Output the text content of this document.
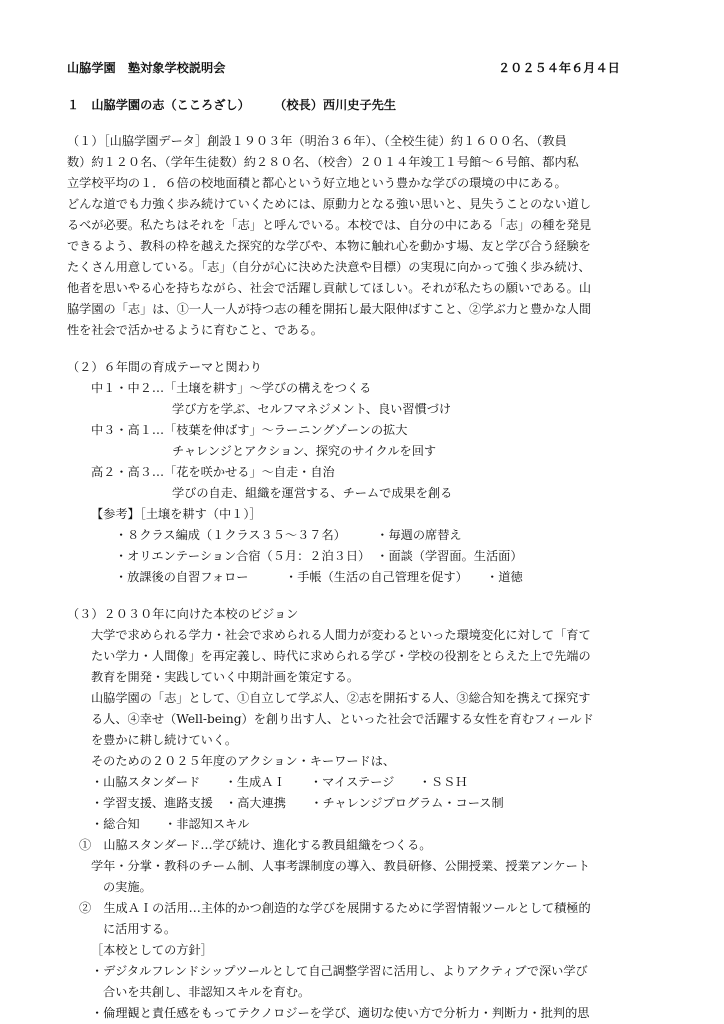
山脇学園　塾対象学校説明会	２０２５４年６月４日
１　山脇学園の志（こころざし）　　　（校長）西川史子先生
（１）［山脇学園データ］創設１９０３年（明治３６年）、（全校生徒）約１６００名、（教員
数）約１２０名、（学年生徒数）約２８０名、（校舎）２０１４年竣工１号館～６号館、都内私
立学校平均の１．６倍の校地面積と都心という好立地という豊かな学びの環境の中にある。
どんな道でも力強く歩み続けていくためには、原動力となる強い思いと、見失うことのない道し
るべが必要。私たちはそれを「志」と呼んでいる。本校では、自分の中にある「志」の種を発見
できるよう、教科の枠を越えた探究的な学びや、本物に触れ心を動かす場、友と学び合う経験を
たくさん用意している。「志」（自分が心に決めた決意や目標）の実現に向かって強く歩み続け、
他者を思いやる心を持ちながら、社会で活躍し貢献してほしい。それが私たちの願いである。山
脇学園の「志」は、①一人一人が持つ志の種を開拓し最大限伸ばすこと、②学ぶ力と豊かな人間
性を社会で活かせるように育むこと、である。
（２）６年間の育成テーマと関わり
中１・中２…「土壌を耕す」～学びの構えをつくる
学び方を学ぶ、セルフマネジメント、良い習慣づけ
中３・高１…「枝葉を伸ばす」～ラーニングゾーンの拡大
チャレンジとアクション、探究のサイクルを回す
高２・高３…「花を咲かせる」～自走・自治
学びの自走、組織を運営する、チームで成果を創る
【参考】［土壌を耕す（中１）］
・８クラス編成（１クラス３５～３７名）　　　・毎週の席替え
・オリエンテーション合宿（５月：２泊３日）　・面談（学習面。生活面）
・放課後の自習フォロー　　　・手帳（生活の自己管理を促す）　　・道徳
（３）２０３０年に向けた本校のビジョン
大学で求められる学力・社会で求められる人間力が変わるといった環境変化に対して「育て
たい学力・人間像」を再定義し、時代に求められる学び・学校の役割をとらえた上で先端の
教育を開発・実践していく中期計画を策定する。
山脇学園の「志」として、①自立して学ぶ人、②志を開拓する人、③総合知を携えて探究す
る人、④幸せ（Well-being）を創り出す人、といった社会で活躍する女性を育むフィールド
を豊かに耕し続けていく。
そのための２０２５年度のアクション・キーワードは、
・山脇スタンダード　　・生成ＡＩ　　・マイステージ　　・ＳＳＨ
・学習支援、進路支援　・高大連携　　・チャレンジプログラム・コース制
・総合知　　・非認知スキル
①　山脇スタンダード…学び続け、進化する教員組織をつくる。
学年・分掌・教科のチーム制、人事考課制度の導入、教員研修、公開授業、授業アンケート
の実施。
②　生成ＡＩの活用…主体的かつ創造的な学びを展開するために学習情報ツールとして積極的
に活用する。
［本校としての方針］
・デジタルフレンドシップツールとして自己調整学習に活用し、よりアクティブで深い学び
合いを共創し、非認知スキルを育む。
・倫理観と責任感をもってテクノロジーを学び、適切な使い方で分析力・判断力・批判的思
